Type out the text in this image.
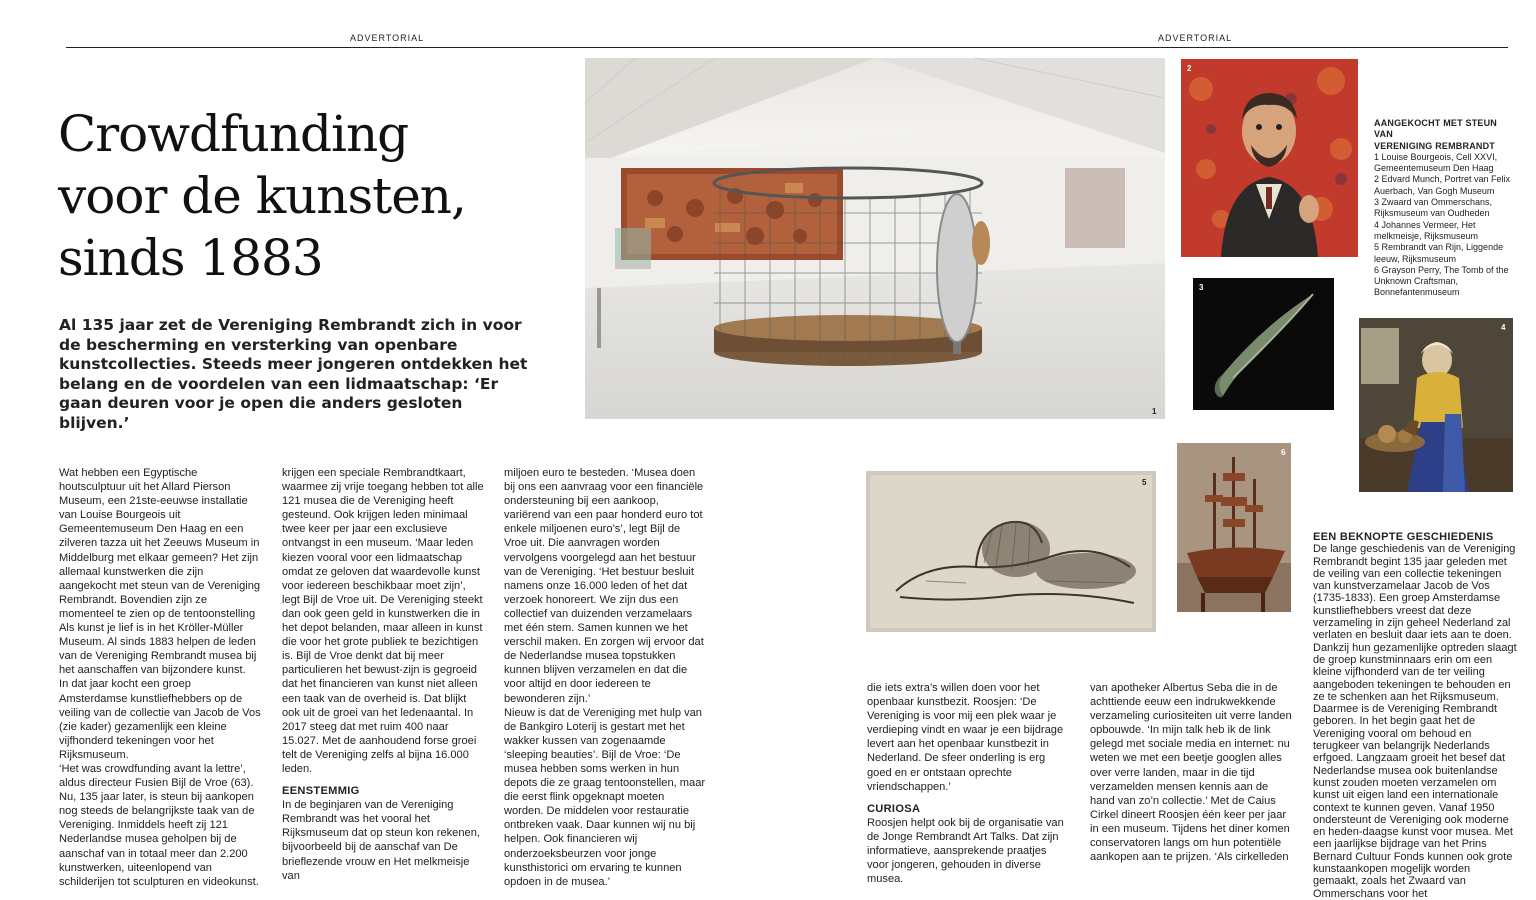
ADVERTORIAL	ADVERTORIAL
Crowdfunding
voor de kunsten,
sinds 1883

Al 135 jaar zet de Vereniging Rembrandt zich in voor de bescherming en versterking van openbare kunstcollecties. Steeds meer jongeren ontdekken het belang en de voordelen van een lidmaatschap: ‘Er gaan deuren voor je open die anders gesloten blijven.’

1
2
3
4
5
6
AANGEKOCHT MET STEUN VAN
VERENIGING REMBRANDT
1 Louise Bourgeois, Cell XXVI, Gemeentemuseum Den Haag
2 Edvard Munch, Portret van Felix Auerbach, Van Gogh Museum
3 Zwaard van Ommerschans, Rijksmuseum van Oudheden
4 Johannes Vermeer, Het melkmeisje, Rijksmuseum
5 Rembrandt van Rijn, Liggende leeuw, Rijksmuseum
6 Grayson Perry, The Tomb of the Unknown Craftsman, Bonnefantenmuseum

Wat hebben een Egyptische houtsculptuur uit het Allard Pierson Museum, een 21ste-eeuwse installatie van Louise Bourgeois uit Gemeentemuseum Den Haag en een zilveren tazza uit het Zeeuws Museum in Middelburg met elkaar gemeen? Het zijn allemaal kunstwerken die zijn aangekocht met steun van de Vereniging Rembrandt. Bovendien zijn ze momenteel te zien op de tentoonstelling Als kunst je lief is in het Kröller-Müller Museum. Al sinds 1883 helpen de leden van de Vereniging Rembrandt musea bij het aanschaffen van bijzondere kunst.

In dat jaar kocht een groep Amsterdamse kunstliefhebbers op de veiling van de collectie van Jacob de Vos (zie kader) gezamenlijk een kleine vijfhonderd tekeningen voor het Rijksmuseum.

‘Het was crowdfunding avant la lettre’, aldus directeur Fusien Bijl de Vroe (63). Nu, 135 jaar later, is steun bij aankopen nog steeds de belangrijkste taak van de Vereniging. Inmiddels heeft zij 121 Nederlandse musea geholpen bij de aanschaf van in totaal meer dan 2.200 kunstwerken, uiteenlopend van schilderijen tot sculpturen en videokunst.

krijgen een speciale Rembrandtkaart, waarmee zij vrije toegang hebben tot alle 121 musea die de Vereniging heeft gesteund. Ook krijgen leden minimaal twee keer per jaar een exclusieve ontvangst in een museum. ‘Maar leden kiezen vooral voor een lidmaatschap omdat ze geloven dat waardevolle kunst voor iedereen beschikbaar moet zijn’, legt Bijl de Vroe uit. De Vereniging steekt dan ook geen geld in kunstwerken die in het depot belanden, maar alleen in kunst die voor het grote publiek te bezichtigen is. Bijl de Vroe denkt dat bij meer particulieren het bewust-zijn is gegroeid dat het financieren van kunst niet alleen een taak van de overheid is. Dat blijkt ook uit de groei van het ledenaantal. In 2017 steeg dat met ruim 400 naar 15.027. Met de aanhoudend forse groei telt de Vereniging zelfs al bijna 16.000 leden.

EENSTEMMIG

In de beginjaren van de Vereniging Rembrandt was het vooral het Rijksmuseum dat op steun kon rekenen, bijvoorbeeld bij de aanschaf van De brieflezende vrouw en Het melkmeisje van

miljoen euro te besteden. ‘Musea doen bij ons een aanvraag voor een financiële ondersteuning bij een aankoop, variërend van een paar honderd euro tot enkele miljoenen euro’s’, legt Bijl de Vroe uit. Die aanvragen worden vervolgens voorgelegd aan het bestuur van de Vereniging. ‘Het bestuur besluit namens onze 16.000 leden of het dat verzoek honoreert. We zijn dus een collectief van duizenden verzamelaars met één stem. Samen kunnen we het verschil maken. En zorgen wij ervoor dat de Nederlandse musea topstukken kunnen blijven verzamelen en dat die voor altijd en door iedereen te bewonderen zijn.’

Nieuw is dat de Vereniging met hulp van de Bankgiro Loterij is gestart met het wakker kussen van zogenaamde ‘sleeping beauties’. Bijl de Vroe: ‘De musea hebben soms werken in hun depots die ze graag tentoonstellen, maar die eerst flink opgeknapt moeten worden. De middelen voor restauratie ontbreken vaak. Daar kunnen wij nu bij helpen. Ook financieren wij onderzoeksbeurzen voor jonge kunsthistorici om ervaring te kunnen opdoen in de musea.’

die iets extra’s willen doen voor het openbaar kunstbezit. Roosjen: ‘De Vereniging is voor mij een plek waar je verdieping vindt en waar je een bijdrage levert aan het openbaar kunstbezit in Nederland. De sfeer onderling is erg goed en er ontstaan oprechte vriendschappen.’

CURIOSA

Roosjen helpt ook bij de organisatie van de Jonge Rembrandt Art Talks. Dat zijn informatieve, aansprekende praatjes voor jongeren, gehouden in diverse musea.

van apotheker Albertus Seba die in de achttiende eeuw een indrukwekkende verzameling curiositeiten uit verre landen opbouwde. ‘In mijn talk heb ik de link gelegd met sociale media en internet: nu weten we met een beetje googlen alles over verre landen, maar in die tijd verzamelden mensen kennis aan de hand van zo’n collectie.’ Met de Caius Cirkel dineert Roosjen één keer per jaar in een museum. Tijdens het diner komen conservatoren langs om hun potentiële aankopen aan te prijzen. ‘Als cirkelleden

EEN BEKNOPTE GESCHIEDENIS
De lange geschiedenis van de Vereniging Rembrandt begint 135 jaar geleden met de veiling van een collectie tekeningen van kunstverzamelaar Jacob de Vos (1735-1833). Een groep Amsterdamse kunstliefhebbers vreest dat deze verzameling in zijn geheel Nederland zal verlaten en besluit daar iets aan te doen. Dankzij hun gezamenlijke optreden slaagt de groep kunstminnaars erin om een kleine vijfhonderd van de ter veiling aangeboden tekeningen te behouden en ze te schenken aan het Rijksmuseum. Daarmee is de Vereniging Rembrandt geboren. In het begin gaat het de Vereniging vooral om behoud en terugkeer van belangrijk Nederlands erfgoed. Langzaam groeit het besef dat Nederlandse musea ook buitenlandse kunst zouden moeten verzamelen om kunst uit eigen land een internationale context te kunnen geven. Vanaf 1950 ondersteunt de Vereniging ook moderne en heden-daagse kunst voor musea. Met een jaarlijkse bijdrage van het Prins Bernard Cultuur Fonds kunnen ook grote kunstaankopen mogelijk worden gemaakt, zoals het Zwaard van Ommerschans voor het
